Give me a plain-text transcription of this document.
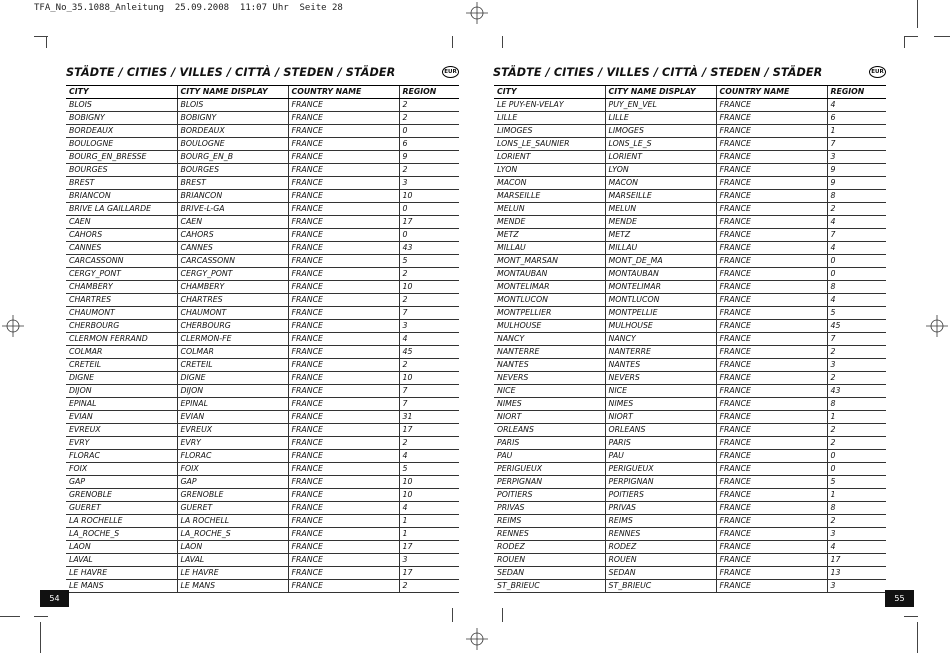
TFA_No_35.1088_Anleitung  25.09.2008  11:07 Uhr  Seite 28
STÄDTE / CITIES / VILLES / CITTÀ / STEDEN / STÄDER	EUR
CITY	CITY NAME DISPLAY	COUNTRY NAME	REGION
BLOIS	BLOIS	FRANCE	2
BOBIGNY	BOBIGNY	FRANCE	2
BORDEAUX	BORDEAUX	FRANCE	0
BOULOGNE	BOULOGNE	FRANCE	6
BOURG_EN_BRESSE	BOURG_EN_B	FRANCE	9
BOURGES	BOURGES	FRANCE	2
BREST	BREST	FRANCE	3
BRIANCON	BRIANCON	FRANCE	10
BRIVE LA GAILLARDE	BRIVE-L-GA	FRANCE	0
CAEN	CAEN	FRANCE	17
CAHORS	CAHORS	FRANCE	0
CANNES	CANNES	FRANCE	43
CARCASSONN	CARCASSONN	FRANCE	5
CERGY_PONT	CERGY_PONT	FRANCE	2
CHAMBERY	CHAMBERY	FRANCE	10
CHARTRES	CHARTRES	FRANCE	2
CHAUMONT	CHAUMONT	FRANCE	7
CHERBOURG	CHERBOURG	FRANCE	3
CLERMON FERRAND	CLERMON-FE	FRANCE	4
COLMAR	COLMAR	FRANCE	45
CRETEIL	CRETEIL	FRANCE	2
DIGNE	DIGNE	FRANCE	10
DIJON	DIJON	FRANCE	7
EPINAL	EPINAL	FRANCE	7
EVIAN	EVIAN	FRANCE	31
EVREUX	EVREUX	FRANCE	17
EVRY	EVRY	FRANCE	2
FLORAC	FLORAC	FRANCE	4
FOIX	FOIX	FRANCE	5
GAP	GAP	FRANCE	10
GRENOBLE	GRENOBLE	FRANCE	10
GUERET	GUERET	FRANCE	4
LA ROCHELLE	LA ROCHELL	FRANCE	1
LA_ROCHE_S	LA_ROCHE_S	FRANCE	1
LAON	LAON	FRANCE	17
LAVAL	LAVAL	FRANCE	3
LE HAVRE	LE HAVRE	FRANCE	17
LE MANS	LE MANS	FRANCE	2
54
STÄDTE / CITIES / VILLES / CITTÀ / STEDEN / STÄDER	EUR
CITY	CITY NAME DISPLAY	COUNTRY NAME	REGION
LE PUY-EN-VELAY	PUY_EN_VEL	FRANCE	4
LILLE	LILLE	FRANCE	6
LIMOGES	LIMOGES	FRANCE	1
LONS_LE_SAUNIER	LONS_LE_S	FRANCE	7
LORIENT	LORIENT	FRANCE	3
LYON	LYON	FRANCE	9
MACON	MACON	FRANCE	9
MARSEILLE	MARSEILLE	FRANCE	8
MELUN	MELUN	FRANCE	2
MENDE	MENDE	FRANCE	4
METZ	METZ	FRANCE	7
MILLAU	MILLAU	FRANCE	4
MONT_MARSAN	MONT_DE_MA	FRANCE	0
MONTAUBAN	MONTAUBAN	FRANCE	0
MONTELIMAR	MONTELIMAR	FRANCE	8
MONTLUCON	MONTLUCON	FRANCE	4
MONTPELLIER	MONTPELLIE	FRANCE	5
MULHOUSE	MULHOUSE	FRANCE	45
NANCY	NANCY	FRANCE	7
NANTERRE	NANTERRE	FRANCE	2
NANTES	NANTES	FRANCE	3
NEVERS	NEVERS	FRANCE	2
NICE	NICE	FRANCE	43
NIMES	NIMES	FRANCE	8
NIORT	NIORT	FRANCE	1
ORLEANS	ORLEANS	FRANCE	2
PARIS	PARIS	FRANCE	2
PAU	PAU	FRANCE	0
PERIGUEUX	PERIGUEUX	FRANCE	0
PERPIGNAN	PERPIGNAN	FRANCE	5
POITIERS	POITIERS	FRANCE	1
PRIVAS	PRIVAS	FRANCE	8
REIMS	REIMS	FRANCE	2
RENNES	RENNES	FRANCE	3
RODEZ	RODEZ	FRANCE	4
ROUEN	ROUEN	FRANCE	17
SEDAN	SEDAN	FRANCE	13
ST_BRIEUC	ST_BRIEUC	FRANCE	3
55
